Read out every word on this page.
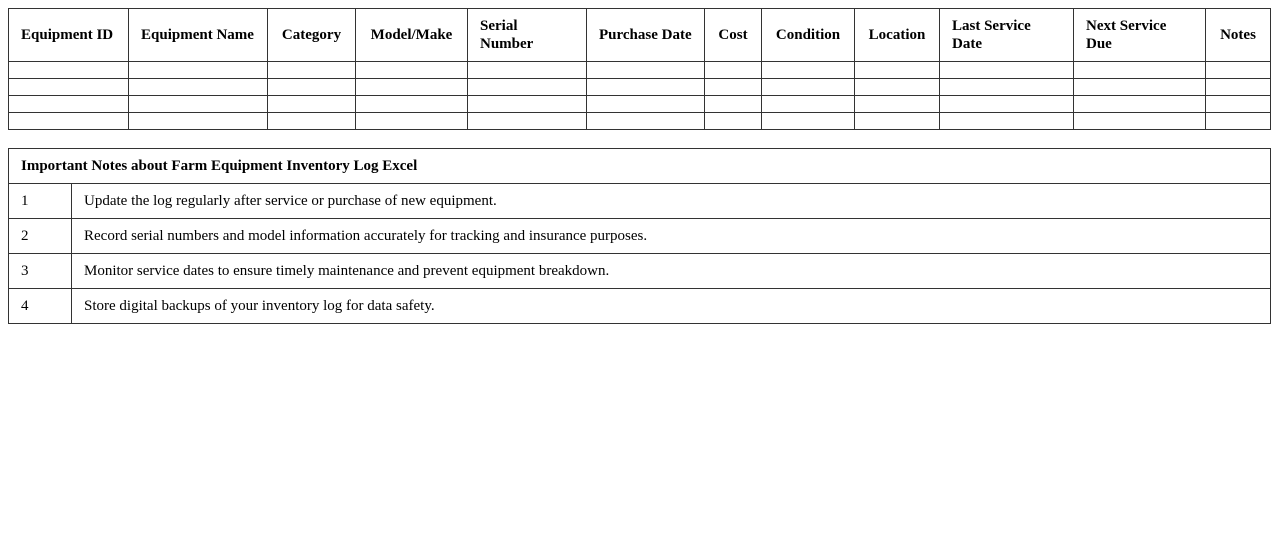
Equipment ID	Equipment Name	Category	Model/Make	Serial Number	Purchase Date	Cost	Condition	Location	Last Service Date	Next Service Due	Notes

Important Notes about Farm Equipment Inventory Log Excel	
1	Update the log regularly after service or purchase of new equipment.
2	Record serial numbers and model information accurately for tracking and insurance purposes.
3	Monitor service dates to ensure timely maintenance and prevent equipment breakdown.
4	Store digital backups of your inventory log for data safety.
